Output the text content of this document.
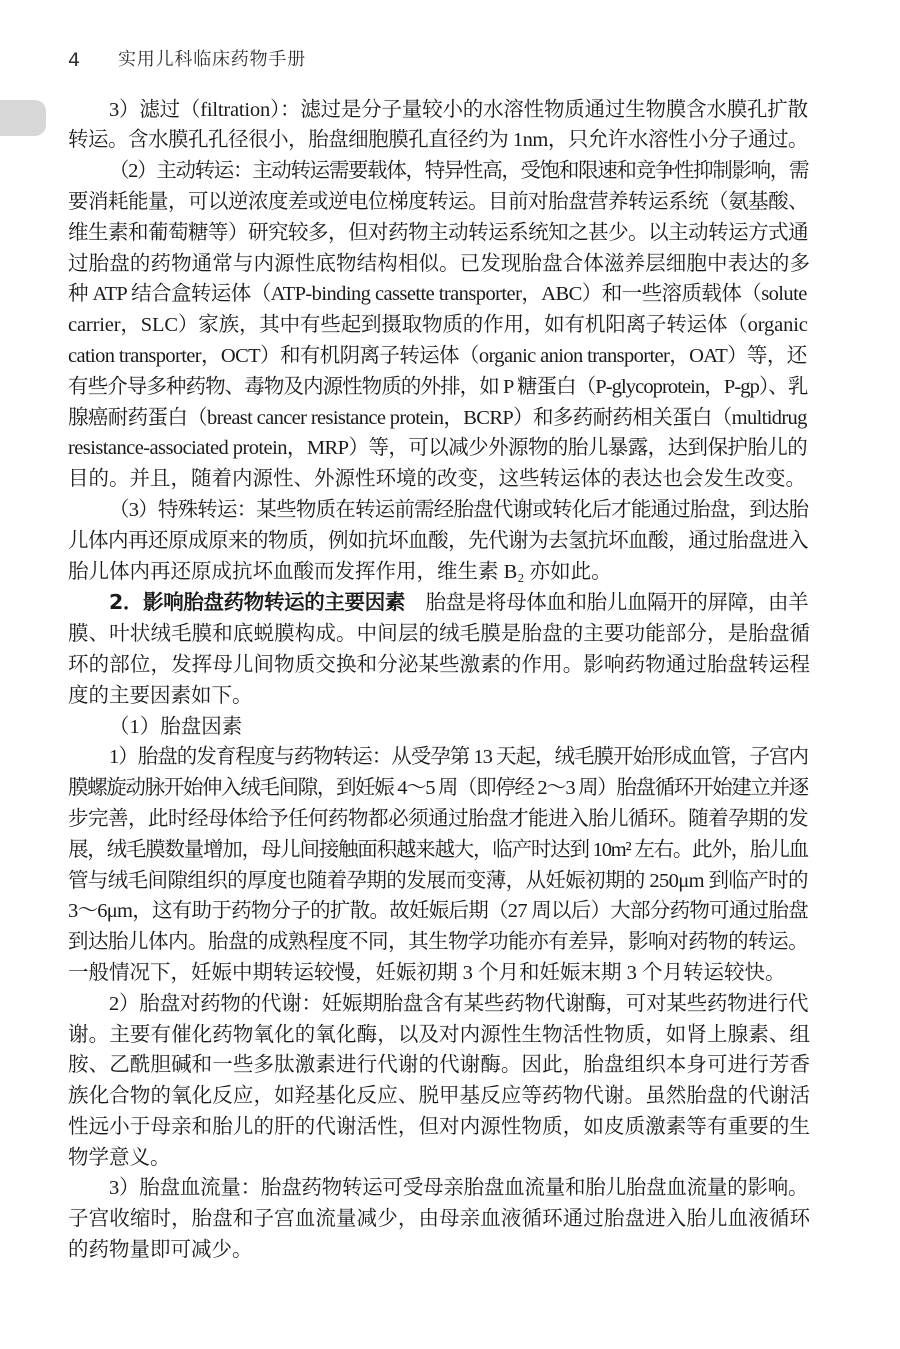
4 实用儿科临床药物手册
3）滤过（filtration）：滤过是分子量较小的水溶性物质通过生物膜含水膜孔扩散
转运。含水膜孔孔径很小，胎盘细胞膜孔直径约为 1nm，只允许水溶性小分子通过。
（2）主动转运：主动转运需要载体，特异性高，受饱和限速和竞争性抑制影响，需
要消耗能量，可以逆浓度差或逆电位梯度转运。目前对胎盘营养转运系统（氨基酸、
维生素和葡萄糖等）研究较多，但对药物主动转运系统知之甚少。以主动转运方式通
过胎盘的药物通常与内源性底物结构相似。已发现胎盘合体滋养层细胞中表达的多
种 ATP 结合盒转运体（ATP-binding cassette transporter，ABC）和一些溶质载体（solute
carrier，SLC）家族，其中有些起到摄取物质的作用，如有机阳离子转运体（organic
cation transporter，OCT）和有机阴离子转运体（organic anion transporter，OAT）等，还
有些介导多种药物、毒物及内源性物质的外排，如 P 糖蛋白（P-glycoprotein，P-gp）、乳
腺癌耐药蛋白（breast cancer resistance protein，BCRP）和多药耐药相关蛋白（multidrug
resistance-associated protein，MRP）等，可以减少外源物的胎儿暴露，达到保护胎儿的
目的。并且，随着内源性、外源性环境的改变，这些转运体的表达也会发生改变。
（3）特殊转运：某些物质在转运前需经胎盘代谢或转化后才能通过胎盘，到达胎
儿体内再还原成原来的物质，例如抗坏血酸，先代谢为去氢抗坏血酸，通过胎盘进入
胎儿体内再还原成抗坏血酸而发挥作用，维生素 B₂ 亦如此。
2．影响胎盘药物转运的主要因素 胎盘是将母体血和胎儿血隔开的屏障，由羊
膜、叶状绒毛膜和底蜕膜构成。中间层的绒毛膜是胎盘的主要功能部分，是胎盘循
环的部位，发挥母儿间物质交换和分泌某些激素的作用。影响药物通过胎盘转运程
度的主要因素如下。
（1）胎盘因素
1）胎盘的发育程度与药物转运：从受孕第 13 天起，绒毛膜开始形成血管，子宫内
膜螺旋动脉开始伸入绒毛间隙，到妊娠 4～5 周（即停经 2～3 周）胎盘循环开始建立并逐
步完善，此时经母体给予任何药物都必须通过胎盘才能进入胎儿循环。随着孕期的发
展，绒毛膜数量增加，母儿间接触面积越来越大，临产时达到 10m² 左右。此外，胎儿血
管与绒毛间隙组织的厚度也随着孕期的发展而变薄，从妊娠初期的 250μm 到临产时的
3～6μm，这有助于药物分子的扩散。故妊娠后期（27 周以后）大部分药物可通过胎盘
到达胎儿体内。胎盘的成熟程度不同，其生物学功能亦有差异，影响对药物的转运。
一般情况下，妊娠中期转运较慢，妊娠初期 3 个月和妊娠末期 3 个月转运较快。
2）胎盘对药物的代谢：妊娠期胎盘含有某些药物代谢酶，可对某些药物进行代
谢。主要有催化药物氧化的氧化酶，以及对内源性生物活性物质，如肾上腺素、组
胺、乙酰胆碱和一些多肽激素进行代谢的代谢酶。因此，胎盘组织本身可进行芳香
族化合物的氧化反应，如羟基化反应、脱甲基反应等药物代谢。虽然胎盘的代谢活
性远小于母亲和胎儿的肝的代谢活性，但对内源性物质，如皮质激素等有重要的生
物学意义。
3）胎盘血流量：胎盘药物转运可受母亲胎盘血流量和胎儿胎盘血流量的影响。
子宫收缩时，胎盘和子宫血流量减少，由母亲血液循环通过胎盘进入胎儿血液循环
的药物量即可减少。
